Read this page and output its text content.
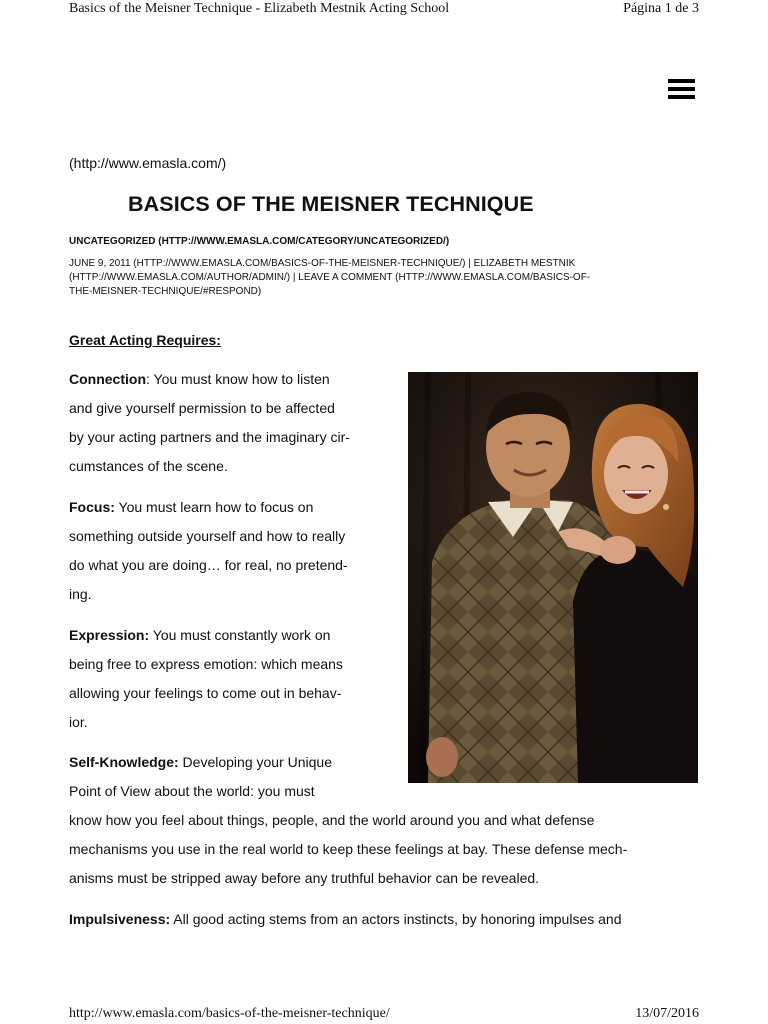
Basics of the Meisner Technique - Elizabeth Mestnik Acting School	Página 1 de 3
(http://www.emasla.com/)
BASICS OF THE MEISNER TECHNIQUE
UNCATEGORIZED (HTTP://WWW.EMASLA.COM/CATEGORY/UNCATEGORIZED/)
JUNE 9, 2011 (HTTP://WWW.EMASLA.COM/BASICS-OF-THE-MEISNER-TECHNIQUE/) | ELIZABETH MESTNIK
(HTTP://WWW.EMASLA.COM/AUTHOR/ADMIN/) | LEAVE A COMMENT (HTTP://WWW.EMASLA.COM/BASICS-OF-
THE-MEISNER-TECHNIQUE/#RESPOND)
Great Acting Requires:
Connection: You must know how to listen
and give yourself permission to be affected
by your acting partners and the imaginary cir-
cumstances of the scene.
Focus: You must learn how to focus on
something outside yourself and how to really
do what you are doing… for real, no pretend-
ing.
Expression: You must constantly work on
being free to express emotion: which means
allowing your feelings to come out in behav-
ior.
Self-Knowledge: Developing your Unique
Point of View about the world: you must
know how you feel about things, people, and the world around you and what defense
mechanisms you use in the real world to keep these feelings at bay. These defense mech-
anisms must be stripped away before any truthful behavior can be revealed.
Impulsiveness: All good acting stems from an actors instincts, by honoring impulses and
http://www.emasla.com/basics-of-the-meisner-technique/	13/07/2016
